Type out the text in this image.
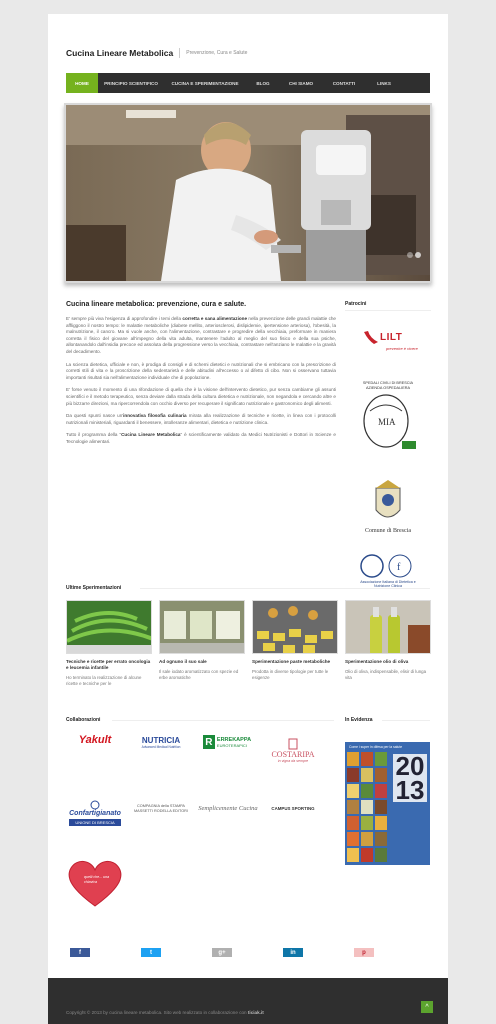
Cucina Lineare Metabolica	Prevenzione, Cura e Salute
HOME	PRINCIPIO SCIENTIFICO	CUCINA E SPERIMENTAZIONE	BLOG	CHI SIAMO	CONTATTI	LINKS
Cucina lineare metabolica: prevenzione, cura e salute.
E' sempre più viva l'esigenza di approfondire i temi della corretta e sana alimentazione nella prevenzione delle grandi malattie che affliggono il nostro tempo: le malattie metaboliche (diabete mellito, arteriosclerosi, dislipidemie, ipertensione arteriosa), l'obesità, la malnutrizione, il cancro. Ma si vuole anche, con l'alimentazione, contrastare e progredire della vecchiaia, preformare in maniera corretta il fisico del giovane all'impegno della vita adulta, mantenere l'adulto al meglio del suo fisico e della sua psiche, allontanandolo dall'insidia precoce ed assoluta della progressione verso la vecchiaia, contrastare nell'anziano le malattie e la gravità del decadimento.
La scienza dietetica, ufficiale e non, è prodiga di consigli e di schemi dietetici e nutrizionali che si embricano con la prescrizione di corretti stili di vita e la proscrizione della sedentarietà e delle abitudini all'eccesso o al difetto di cibo. Non si osservano tuttavia importanti risultati sia nell'alimentazione individuale che di popolazione.
E' forse venuto il momento di una rifondazione di quella che è la visione dell'intervento dietetico, pur senza cambiarne gli assunti scientifici e il metodo terapeutico, senza deviare dalla strada della cultura dietetica e nutrizionale, non negandola e cercando altre e più bizzarre direzioni, ma ripercorrendola con occhio diverso per recuperare il significato nutrizionale e gastronomico degli alimenti.
Da questi spunti nasce un'innovativa filosofia culinaria mirata alla realizzazione di tecniche e ricette, in linea con i protocolli nutrizionali ministeriali, riguardanti il benessere, intolleranze alimentari, dietetica e nutrizione clinica.
Tutto il programma della "Cucina Lineare Metabolica" è scientificamente validato da Medici Nutrizionisti e Dottori in Scienze e Tecnologie alimentari.
Patrocini
LILT
prevenire è vivere
SPEDALI CIVILI DI BRESCIA AZIENDA OSPEDALIERA
MIA
Comune di Brescia
f
Associazione Italiana di Dietetica e Nutrizione Clinica
Ultime Sperimentazioni
Tecniche e ricette per errato oncologia e leucemia infantile
Ho terminato la realizzazione di alcune ricette e tecniche per le
Ad ognuno il suo sale
Il sale iodato aromatizzato con spezie ed erbe aromatiche
Sperimentazione paste metaboliche
Prodotta in diverse tipologie per tutte le esigenze
Sperimentazione olio di oliva
Olio di oliva, indispensabile, elisir di lunga vita
Collaborazioni
Yakult	NUTRICIA
Advanced Medical Nutrition R ERREKAPPA
EUROTERAPICI
COSTARIPA
in vigna da sempre
Confartigianato
UNIONE DI BRESCIA
COMPAGNIA della STAMPA MASSETTI RODELLA EDITORI	Semplicemente Cucina	CAMPUS SPORTING
quelli che... una chiavica
In Evidenza
Come i super in difesa per la salute
2013
f	t	g+	in	p
Copyright © 2013 by cucina lineare metabolica. Sito web realizzato in collaborazione con ticiak.it
^
